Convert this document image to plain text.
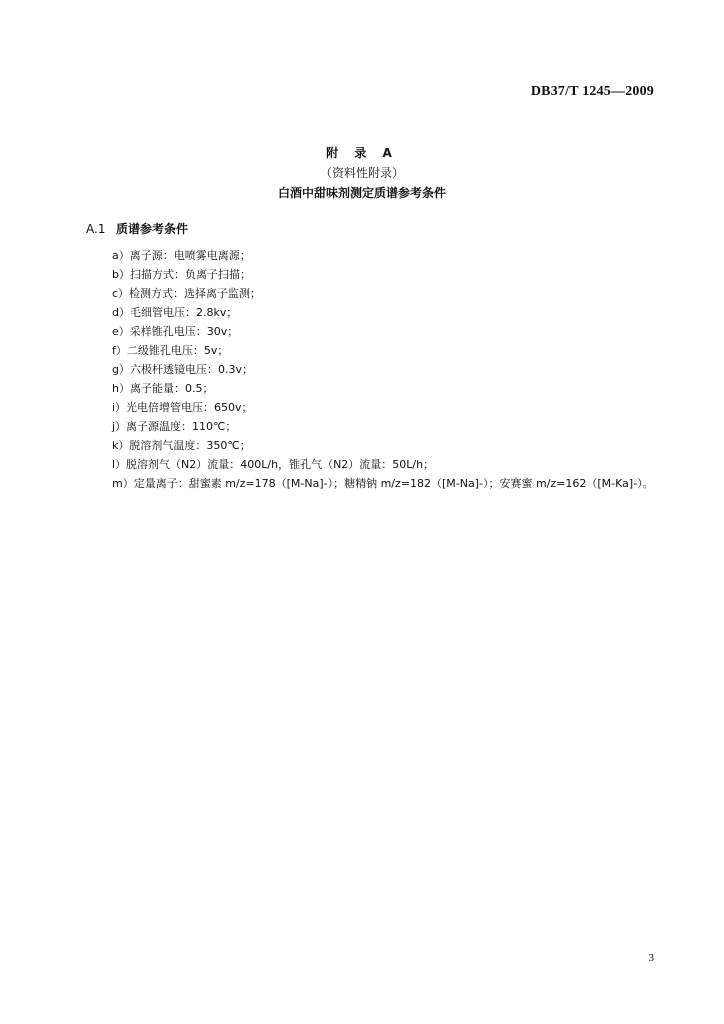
DB37/T 1245—2009
附 录 A
（资料性附录）
白酒中甜味剂测定质谱参考条件
A.1 质谱参考条件
a）离子源：电喷雾电离源；
b）扫描方式：负离子扫描；
c）检测方式：选择离子监测；
d）毛细管电压：2.8kv；
e）采样锥孔电压：30v；
f）二级锥孔电压：5v；
g）六极杆透镜电压：0.3v；
h）离子能量：0.5；
i）光电倍增管电压：650v；
j）离子源温度：110℃；
k）脱溶剂气温度：350℃；
l）脱溶剂气（N2）流量：400L/h，锥孔气（N2）流量：50L/h；
m）定量离子：甜蜜素 m/z=178（[M-Na]-）；糖精钠 m/z=182（[M-Na]-）；安赛蜜 m/z=162（[M-Ka]-）。
3
